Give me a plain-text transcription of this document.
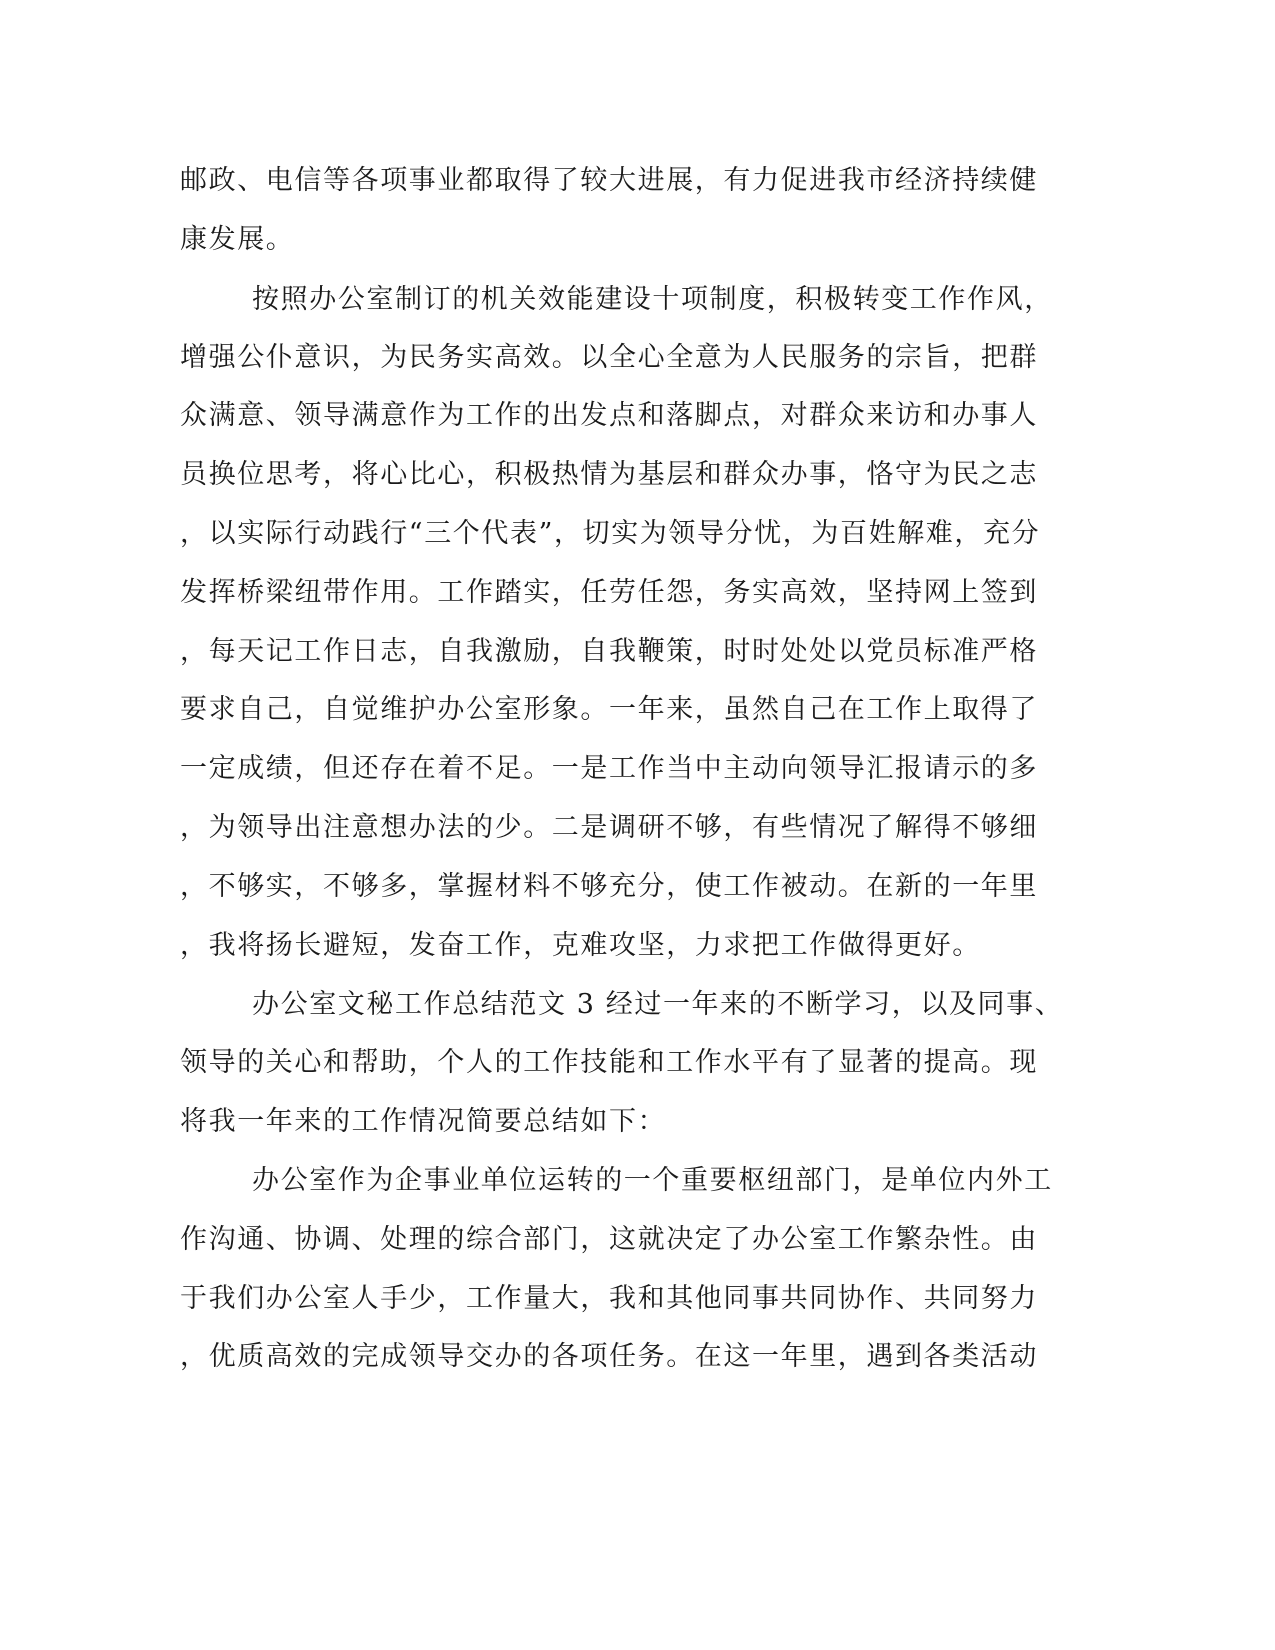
邮政、电信等各项事业都取得了较大进展，有力促进我市经济持续健
康发展。
按照办公室制订的机关效能建设十项制度，积极转变工作作风，
增强公仆意识，为民务实高效。以全心全意为人民服务的宗旨，把群
众满意、领导满意作为工作的出发点和落脚点，对群众来访和办事人
员换位思考，将心比心，积极热情为基层和群众办事，恪守为民之志
，以实际行动践行“三个代表”，切实为领导分忧，为百姓解难，充分
发挥桥梁纽带作用。工作踏实，任劳任怨，务实高效，坚持网上签到
，每天记工作日志，自我激励，自我鞭策，时时处处以党员标准严格
要求自己，自觉维护办公室形象。一年来，虽然自己在工作上取得了
一定成绩，但还存在着不足。一是工作当中主动向领导汇报请示的多
，为领导出注意想办法的少。二是调研不够，有些情况了解得不够细
，不够实，不够多，掌握材料不够充分，使工作被动。在新的一年里
，我将扬长避短，发奋工作，克难攻坚，力求把工作做得更好。
办公室文秘工作总结范文 3 经过一年来的不断学习，以及同事、
领导的关心和帮助，个人的工作技能和工作水平有了显著的提高。现
将我一年来的工作情况简要总结如下：
办公室作为企事业单位运转的一个重要枢纽部门，是单位内外工
作沟通、协调、处理的综合部门，这就决定了办公室工作繁杂性。由
于我们办公室人手少，工作量大，我和其他同事共同协作、共同努力
，优质高效的完成领导交办的各项任务。在这一年里，遇到各类活动
